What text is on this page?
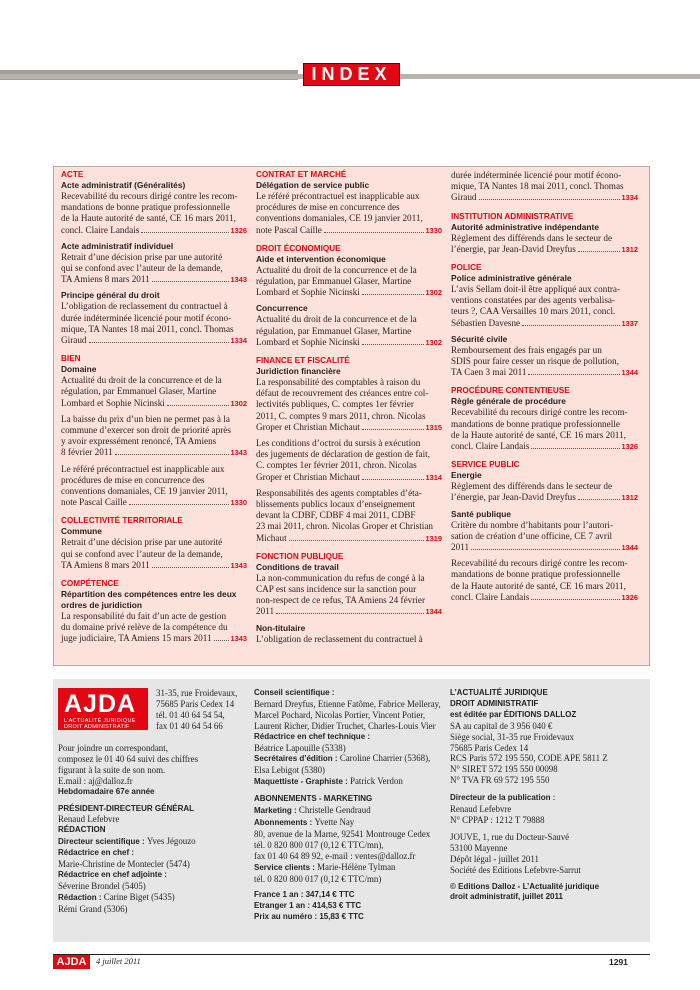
INDEX
ACTE
Acte administratif (Généralités)
Recevabilité du recours dirigé contre les recom-
mandations de bonne pratique professionnelle
de la Haute autorité de santé, CE 16 mars 2011,
concl. Claire Landais	1326
Acte administratif individuel
Retrait d’une décision prise par une autorité
qui se confond avec l’auteur de la demande,
TA Amiens 8 mars 2011	1343
Principe général du droit
L’obligation de reclassement du contractuel à
durée indéterminée licencié pour motif écono-
mique, TA Nantes 18 mai 2011, concl. Thomas
Giraud	1334
BIEN
Domaine
Actualité du droit de la concurrence et de la
régulation, par Emmanuel Glaser, Martine
Lombard et Sophie Nicinski	1302
La baisse du prix d’un bien ne permet pas à la
commune d’exercer son droit de priorité après
y avoir expressément renoncé, TA Amiens
8 février 2011	1343
Le référé précontractuel est inapplicable aux
procédures de mise en concurrence des
conventions domaniales, CE 19 janvier 2011,
note Pascal Caille	1330
COLLECTIVITÉ TERRITORIALE
Commune
Retrait d’une décision prise par une autorité
qui se confond avec l’auteur de la demande,
TA Amiens 8 mars 2011	1343
COMPÉTENCE
Répartition des compétences entre les deux
ordres de juridiction
La responsabilité du fait d’un acte de gestion
du domaine privé relève de la compétence du
juge judiciaire, TA Amiens 15 mars 2011	1343
CONTRAT ET MARCHÉ
Délégation de service public
Le référé précontractuel est inapplicable aux
procédures de mise en concurrence des
conventions domaniales, CE 19 janvier 2011,
note Pascal Caille	1330
DROIT ÉCONOMIQUE
Aide et intervention économique
Actualité du droit de la concurrence et de la
régulation, par Emmanuel Glaser, Martine
Lombard et Sophie Nicinski	1302
Concurrence
Actualité du droit de la concurrence et de la
régulation, par Emmanuel Glaser, Martine
Lombard et Sophie Nicinski	1302
FINANCE ET FISCALITÉ
Juridiction financière
La responsabilité des comptables à raison du
défaut de recouvrement des créances entre col-
lectivités publiques, C. comptes 1er février
2011, C. comptes 9 mars 2011, chron. Nicolas
Groper et Christian Michaut	1315
Les conditions d’octroi du sursis à exécution
des jugements de déclaration de gestion de fait,
C. comptes 1er février 2011, chron. Nicolas
Groper et Christian Michaut	1314
Responsabilités des agents comptables d’éta-
blissements publics locaux d’enseignement
devant la CDBF, CDBF 4 mai 2011, CDBF
23 mai 2011, chron. Nicolas Groper et Christian
Michaut	1319
FONCTION PUBLIQUE
Conditions de travail
La non-communication du refus de congé à la
CAP est sans incidence sur la sanction pour
non-respect de ce refus, TA Amiens 24 février
2011	1344
Non-titulaire
L’obligation de reclassement du contractuel à
durée indéterminée licencié pour motif écono-
mique, TA Nantes 18 mai 2011, concl. Thomas
Giraud	1334
INSTITUTION ADMINISTRATIVE
Autorité administrative indépendante
Règlement des différends dans le secteur de
l’énergie, par Jean-David Dreyfus	1312
POLICE
Police administrative générale
L’avis Sellam doit-il être appliqué aux contra-
ventions constatées par des agents verbalisa-
teurs ?, CAA Versailles 10 mars 2011, concl.
Sébastien Davesne	1337
Sécurité civile
Remboursement des frais engagés par un
SDIS pour faire cesser un risque de pollution,
TA Caen 3 mai 2011	1344
PROCÉDURE CONTENTIEUSE
Règle générale de procédure
Recevabilité du recours dirigé contre les recom-
mandations de bonne pratique professionnelle
de la Haute autorité de santé, CE 16 mars 2011,
concl. Claire Landais	1326
SERVICE PUBLIC
Energie
Règlement des différends dans le secteur de
l’énergie, par Jean-David Dreyfus	1312
Santé publique
Critère du nombre d’habitants pour l’autori-
sation de création d’une officine, CE 7 avril
2011	1344
Recevabilité du recours dirigé contre les recom-
mandations de bonne pratique professionnelle
de la Haute autorité de santé, CE 16 mars 2011,
concl. Claire Landais	1326
AJDA
L’ACTUALITÉ JURIDIQUE DROIT ADMINISTRATIF
31-35, rue Froidevaux,
75685 Paris Cedex 14
tél. 01 40 64 54 54,
fax 01 40 64 54 66
Pour joindre un correspondant,
composez le 01 40 64 suivi des chiffres
figurant à la suite de son nom.
E.mail : aj@dalloz.fr
Hebdomadaire 67e année
PRÉSIDENT-DIRECTEUR GÉNÉRAL
Renaud Lefebvre
RÉDACTION
Directeur scientifique : Yves Jégouzo
Rédactrice en chef :
Marie-Christine de Montecler (5474)
Rédactrice en chef adjointe :
Séverine Brondel (5405)
Rédaction : Carine Biget (5435)
Rémi Grand (5306)
Conseil scientifique :
Bernard Dreyfus, Etienne Fatôme, Fabrice Melleray,
Marcel Pochard, Nicolas Portier, Vincent Potier,
Laurent Richer, Didier Truchet, Charles-Louis Vier
Rédactrice en chef technique :
Béatrice Lapouille (5338)
Secrétaires d’édition : Caroline Charrier (5368),
Elsa Lebigot (5380)
Maquettiste - Graphiste : Patrick Verdon
ABONNEMENTS - MARKETING
Marketing : Christelle Gendraud
Abonnements : Yvette Nay
80, avenue de la Marne, 92541 Montrouge Cedex
tél. 0 820 800 017 (0,12 € TTC/mn),
fax 01 40 64 89 92, e-mail : ventes@dalloz.fr
Service clients : Marie-Hélène Tylman
tél. 0 820 800 017 (0,12 € TTC/mn)
France 1 an : 347,14 € TTC
Etranger 1 an : 414,53 € TTC
Prix au numéro : 15,83 € TTC
L’ACTUALITÉ JURIDIQUE
DROIT ADMINISTRATIF
est éditée par ÉDITIONS DALLOZ
SA au capital de 3 956 040 €
Siège social, 31-35 rue Froidevaux
75685 Paris Cedex 14
RCS Paris 572 195 550, CODE APE 5811 Z
N° SIRET 572 195 550 00098
N° TVA FR 69 572 195 550
Directeur de la publication :
Renaud Lefebvre
N° CPPAP : 1212 T 79888
JOUVE, 1, rue du Docteur-Sauvé
53100 Mayenne
Dépôt légal - juillet 2011
Société des Editions Lefebvre-Sarrut
© Editions Dalloz - L’Actualité juridique
droit administratif, juillet 2011
AJDA	4 juillet 2011	1291
